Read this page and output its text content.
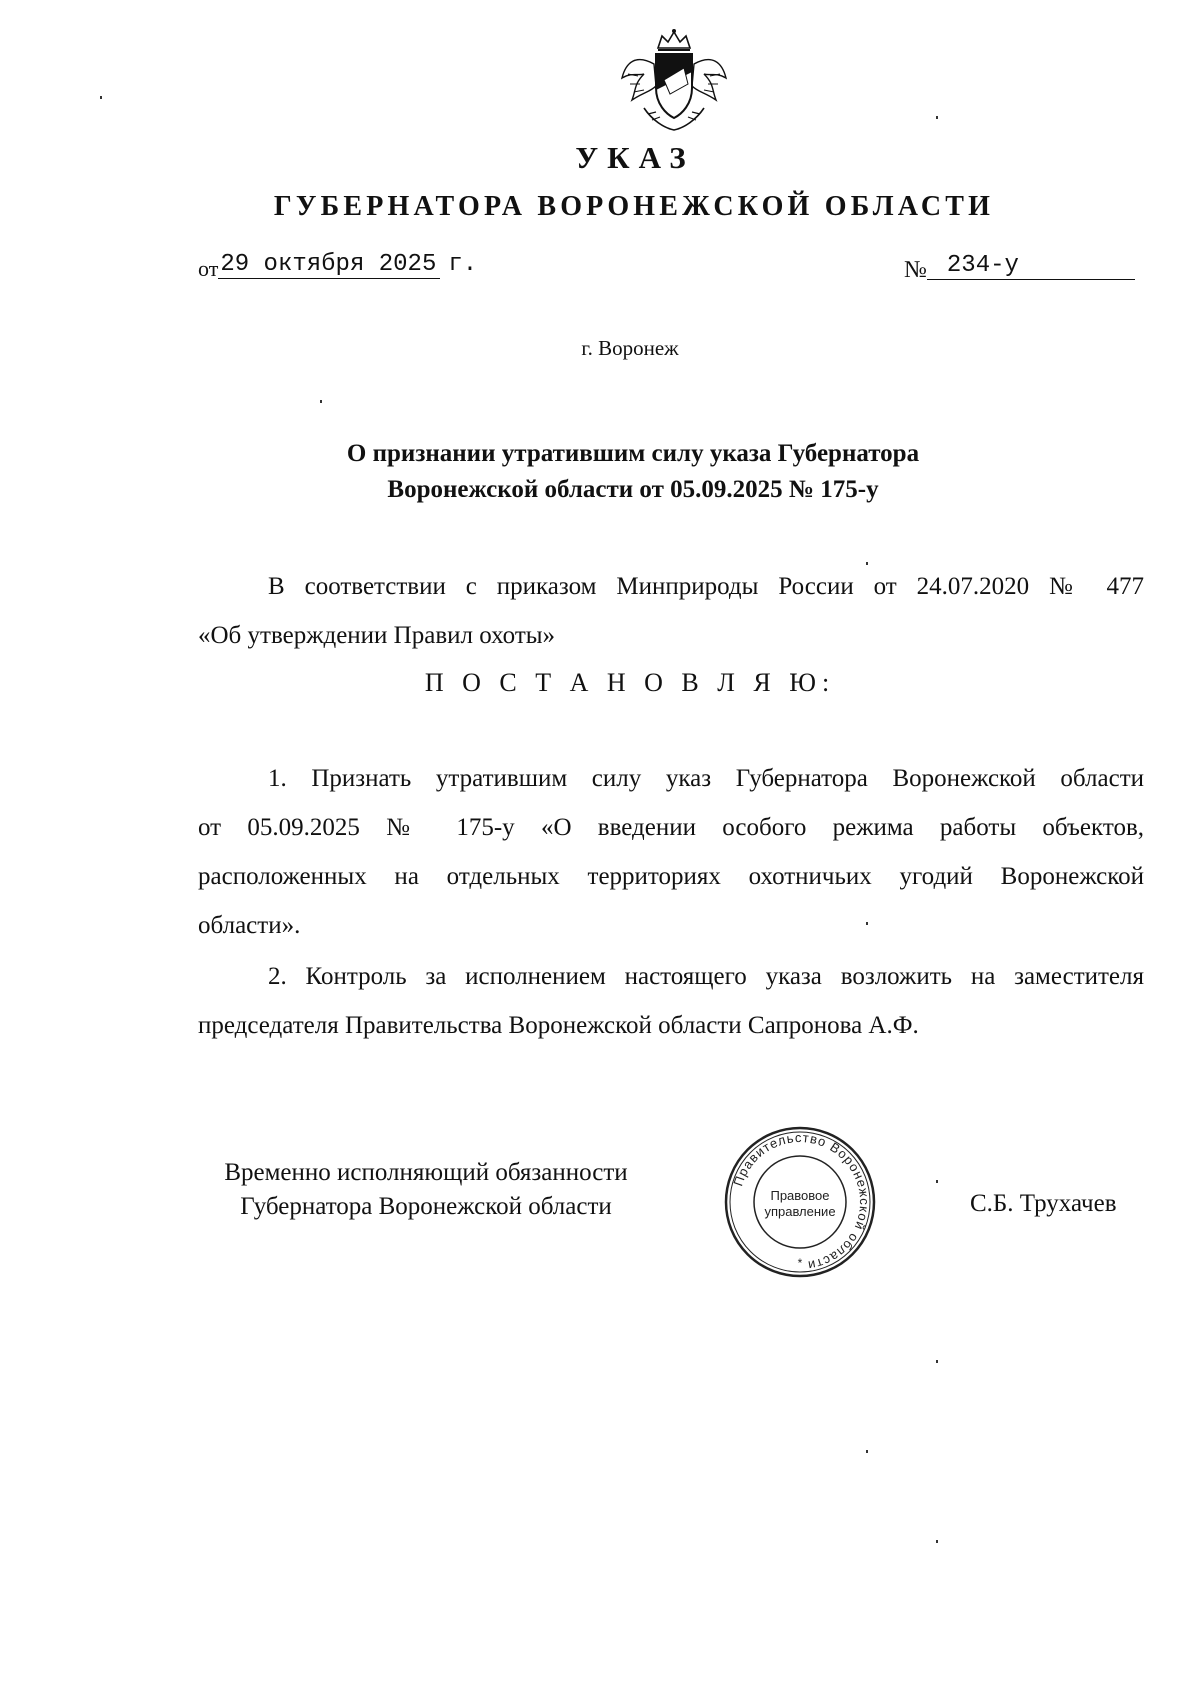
УКАЗ
ГУБЕРНАТОРА ВОРОНЕЖСКОЙ ОБЛАСТИ
от29 октября 2025 г.	№ 234-у
г. Воронеж
О признании утратившим силу указа Губернатора
Воронежской области от 05.09.2025 № 175-у
В соответствии с приказом Минприроды России от 24.07.2020 № 477
«Об утверждении Правил охоты»
П О С Т А Н О В Л Я Ю:
1. Признать утратившим силу указ Губернатора Воронежской области
от 05.09.2025 № 175-у «О введении особого режима работы объектов,
расположенных на отдельных территориях охотничьих угодий Воронежской
области».
2. Контроль за исполнением настоящего указа возложить на заместителя
председателя Правительства Воронежской области Сапронова А.Ф.
Временно исполняющий обязанности
Губернатора Воронежской области
Правительство Воронежской области
Правовое
управление
*
С.Б. Трухачев
